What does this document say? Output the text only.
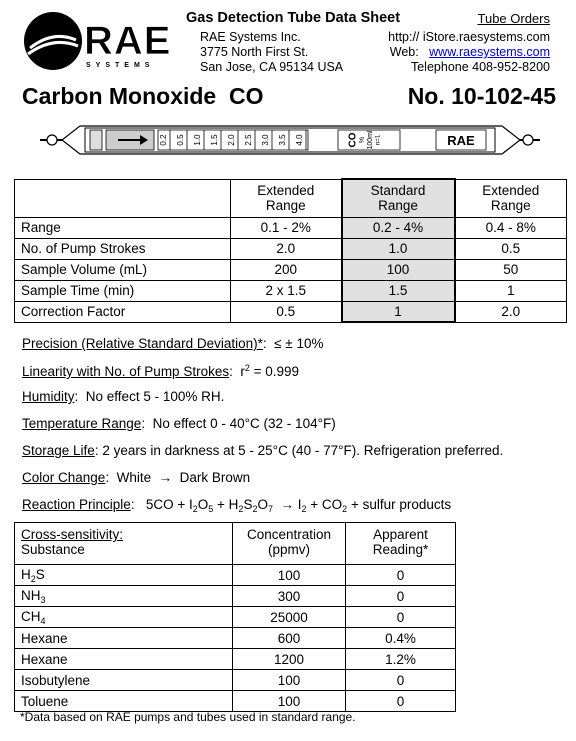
RAE
SYSTEMS
Gas Detection Tube Data Sheet	Tube Orders
RAE Systems Inc.
3775 North First St.
San Jose, CA 95134 USA
http:// iStore.raesystems.com
Web: www.raesystems.com
Telephone 408-952-8200
Carbon Monoxide  CO	No. 10-102-45
0.2 0.5 1.0 1.5 2.0 2.5 3.0 3.5 4.0	CO % 100ml n=1	RAE
	Extended Range	Standard Range	Extended Range
Range	0.1 - 2%	0.2 - 4%	0.4 - 8%
No. of Pump Strokes	2.0	1.0	0.5
Sample Volume (mL)	200	100	50
Sample Time (min)	2 x 1.5	1.5	1
Correction Factor	0.5	1	2.0
Precision (Relative Standard Deviation)*:  ≤ ± 10%
Linearity with No. of Pump Strokes:  $r^2 = 0.999$
Humidity:  No effect 5 - 100% RH.
Temperature Range:  No effect 0 - 40°C (32 - 104°F)
Storage Life: 2 years in darkness at 5 - 25°C (40 - 77°F). Refrigeration preferred.
Color Change:  White  →  Dark Brown
Reaction Principle:   $5CO + I_2O_5 + H_2S_2O_7 \to I_2 + CO_2$ + sulfur products
Cross-sensitivity:
Substance	Concentration (ppmv)	Apparent Reading*
$H_2S$	100	0
$NH_3$	300	0
$CH_4$	25000	0
Hexane	600	0.4%
Hexane	1200	1.2%
Isobutylene	100	0
Toluene	100	0
*Data based on RAE pumps and tubes used in standard range.
